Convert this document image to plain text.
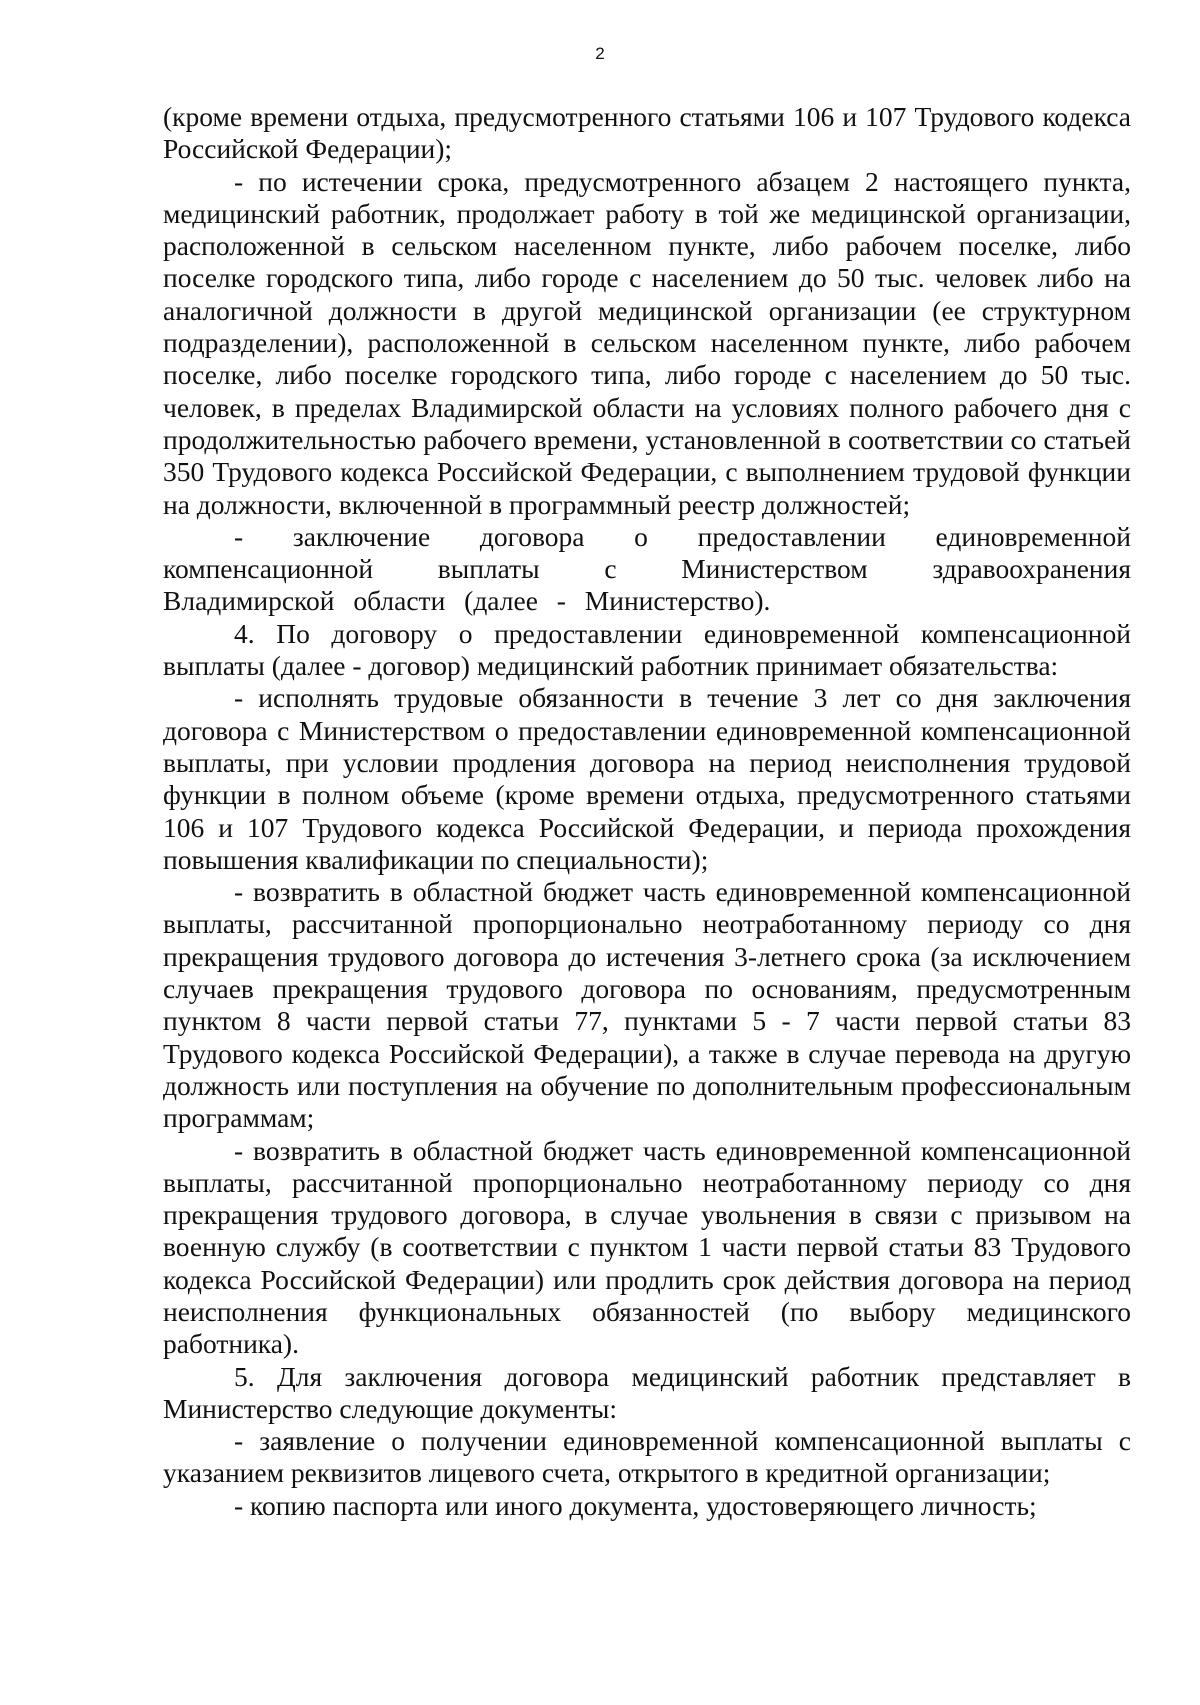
2

(кроме времени отдыха, предусмотренного статьями 106 и 107 Трудового кодекса Российской Федерации);

- по истечении срока, предусмотренного абзацем 2 настоящего пункта, медицинский работник, продолжает работу в той же медицинской организации, расположенной в сельском населенном пункте, либо рабочем поселке, либо поселке городского типа, либо городе с населением до 50 тыс. человек либо на аналогичной должности в другой медицинской организации (ее структурном подразделении), расположенной в сельском населенном пункте, либо рабочем поселке, либо поселке городского типа, либо городе с населением до 50 тыс. человек, в пределах Владимирской области на условиях полного рабочего дня с продолжительностью рабочего времени, установленной в соответствии со статьей 350 Трудового кодекса Российской Федерации, с выполнением трудовой функции на должности, включенной в программный реестр должностей;

- заключение договора о предоставлении единовременной компенсационной выплаты с Министерством здравоохранения Владимирской области (далее - Министерство).

4. По договору о предоставлении единовременной компенсационной выплаты (далее - договор) медицинский работник принимает обязательства:

- исполнять трудовые обязанности в течение 3 лет со дня заключения договора с Министерством о предоставлении единовременной компенсационной выплаты, при условии продления договора на период неисполнения трудовой функции в полном объеме (кроме времени отдыха, предусмотренного статьями 106 и 107 Трудового кодекса Российской Федерации, и периода прохождения повышения квалификации по специальности);

- возвратить в областной бюджет часть единовременной компенсационной выплаты, рассчитанной пропорционально неотработанному периоду со дня прекращения трудового договора до истечения 3-летнего срока (за исключением случаев прекращения трудового договора по основаниям, предусмотренным пунктом 8 части первой статьи 77, пунктами 5 - 7 части первой статьи 83 Трудового кодекса Российской Федерации), а также в случае перевода на другую должность или поступления на обучение по дополнительным профессиональным программам;

- возвратить в областной бюджет часть единовременной компенсационной выплаты, рассчитанной пропорционально неотработанному периоду со дня прекращения трудового договора, в случае увольнения в связи с призывом на военную службу (в соответствии с пунктом 1 части первой статьи 83 Трудового кодекса Российской Федерации) или продлить срок действия договора на период неисполнения функциональных обязанностей (по выбору медицинского работника).

5. Для заключения договора медицинский работник представляет в Министерство следующие документы:

- заявление о получении единовременной компенсационной выплаты с указанием реквизитов лицевого счета, открытого в кредитной организации;

- копию паспорта или иного документа, удостоверяющего личность;
